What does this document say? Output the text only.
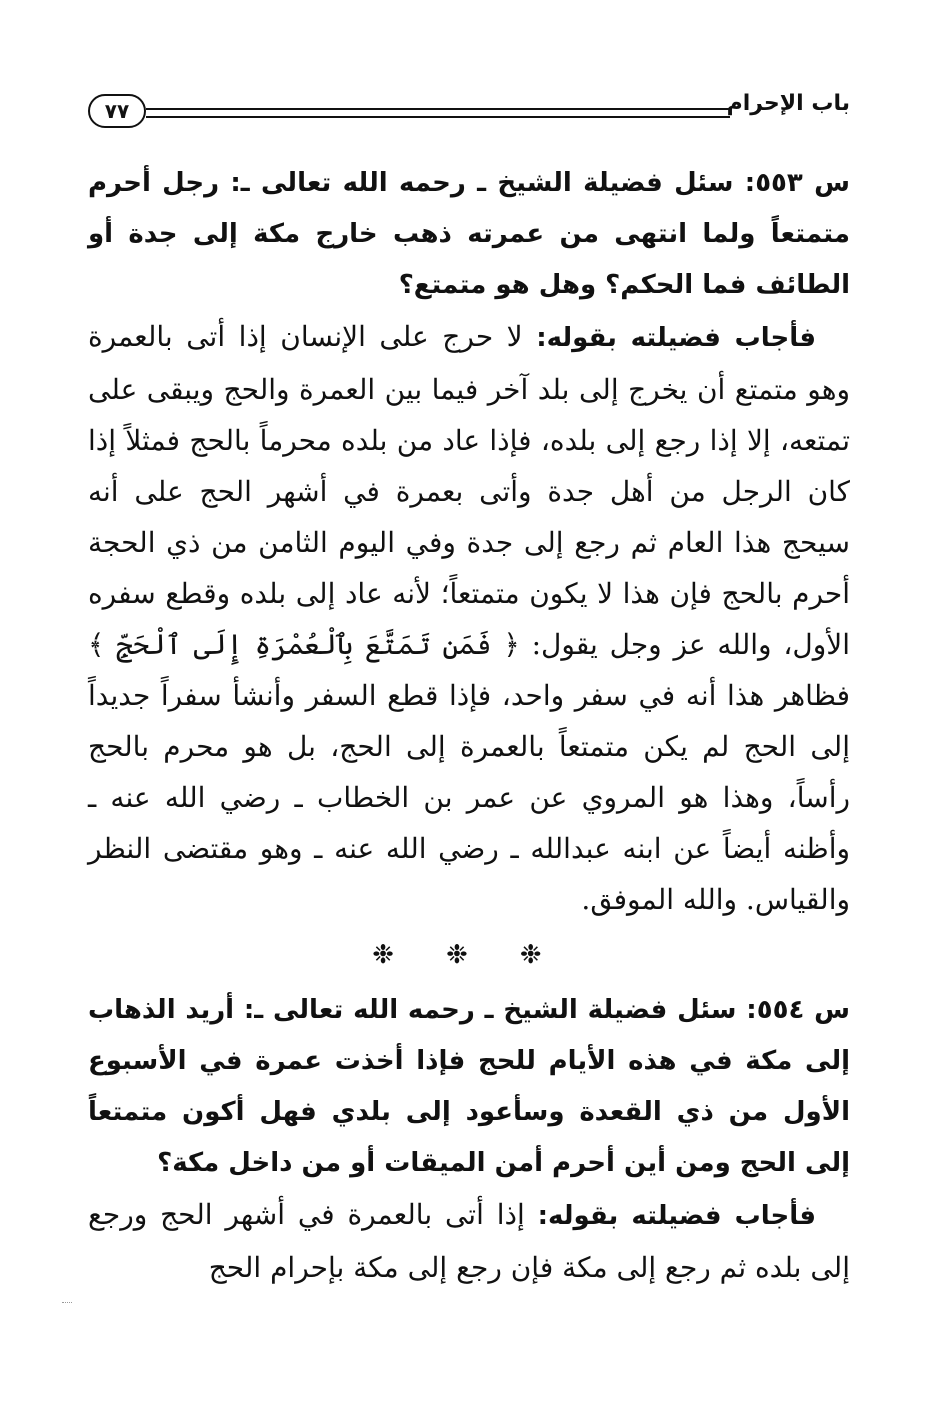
باب الإحرام
٧٧

س ٥٥٣: سئل فضيلة الشيخ ـ رحمه الله تعالى ـ: رجل أحرم متمتعاً ولما انتهى من عمرته ذهب خارج مكة إلى جدة أو الطائف فما الحكم؟ وهل هو متمتع؟

فأجاب فضيلته بقوله: لا حرج على الإنسان إذا أتى بالعمرة وهو متمتع أن يخرج إلى بلد آخر فيما بين العمرة والحج ويبقى على تمتعه، إلا إذا رجع إلى بلده، فإذا عاد من بلده محرماً بالحج فمثلاً إذا كان الرجل من أهل جدة وأتى بعمرة في أشهر الحج على أنه سيحج هذا العام ثم رجع إلى جدة وفي اليوم الثامن من ذي الحجة أحرم بالحج فإن هذا لا يكون متمتعاً؛ لأنه عاد إلى بلده وقطع سفره الأول، والله عز وجل يقول: ﴿ فَمَن تَمَتَّعَ بِٱلْعُمْرَةِ إِلَى ٱلْحَجِّ ﴾ فظاهر هذا أنه في سفر واحد، فإذا قطع السفر وأنشأ سفراً جديداً إلى الحج لم يكن متمتعاً بالعمرة إلى الحج، بل هو محرم بالحج رأساً، وهذا هو المروي عن عمر بن الخطاب ـ رضي الله عنه ـ وأظنه أيضاً عن ابنه عبدالله ـ رضي الله عنه ـ وهو مقتضى النظر والقياس. والله الموفق.

❉❉❉

س ٥٥٤: سئل فضيلة الشيخ ـ رحمه الله تعالى ـ: أريد الذهاب إلى مكة في هذه الأيام للحج فإذا أخذت عمرة في الأسبوع الأول من ذي القعدة وسأعود إلى بلدي فهل أكون متمتعاً إلى الحج ومن أين أحرم أمن الميقات أو من داخل مكة؟

فأجاب فضيلته بقوله: إذا أتى بالعمرة في أشهر الحج ورجع إلى بلده ثم رجع إلى مكة فإن رجع إلى مكة بإحرام الحج
